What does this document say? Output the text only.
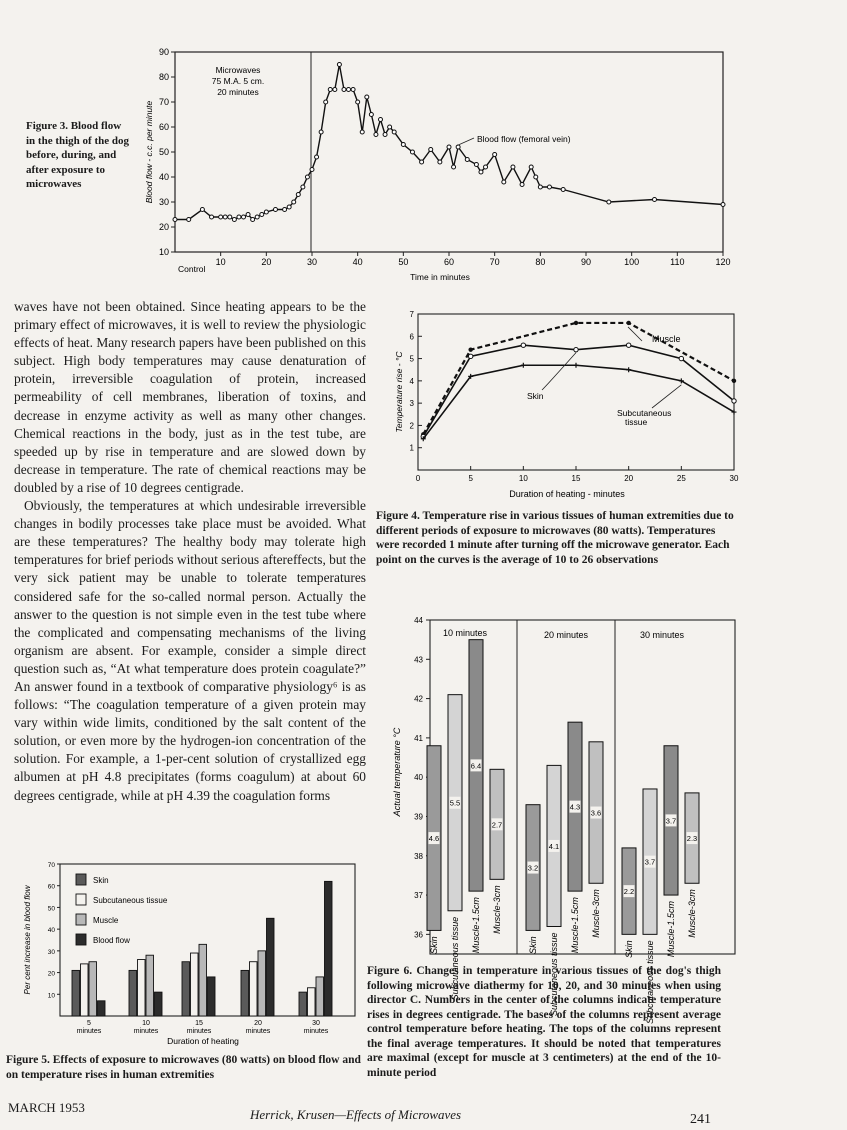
Figure 3. Blood flow in the thigh of the dog before, during, and after exposure to microwaves
10
20
30
40
50
60
70
80
90
10	20	30	40	50	60	70	80	90	100	110	120
Microwaves
75 M.A. 5 cm.
20 minutes
Blood flow (femoral vein)
Control
Time in minutes
Blood flow - c.c. per minute

waves have not been obtained. Since heating appears to be the primary effect of microwaves, it is well to review the physiologic effects of heat. Many research papers have been published on this subject. High body temperatures may cause denaturation of protein, irreversible coagulation of protein, increased permeability of cell membranes, liberation of toxins, and decrease in enzyme activity as well as many other changes. Chemical reactions in the body, just as in the test tube, are speeded up by rise in temperature and are slowed down by decrease in temperature. The rate of chemical reactions may be doubled by a rise of 10 degrees centigrade.

Obviously, the temperatures at which undesirable irreversible changes in bodily processes take place must be avoided. What are these temperatures? The healthy body may tolerate high temperatures for brief periods without serious aftereffects, but the very sick patient may be unable to tolerate temperatures considered safe for the so-called normal person. Actually the answer to the question is not simple even in the test tube where the complicated and compensating mechanisms of the living organism are absent. For example, consider a simple direct question such as, “At what temperature does protein coagulate?” An answer found in a textbook of comparative physiology⁶ is as follows: “The coagulation temperature of a given protein may vary within wide limits, conditioned by the salt content of the solution, or even more by the hydrogen-ion concentration of the solution. For example, a 1-per-cent solution of crystallized egg albumen at pH 4.8 precipitates (forms coagulum) at about 60 degrees centigrade, while at pH 4.39 the coagulation forms

1
2
3
4
5
6
7
0	5	10	15	20	25	30
Muscle
Skin
Subcutaneous
tissue
Duration of heating - minutes
Temperature rise - °C
Figure 4. Temperature rise in various tissues of human extremities due to different periods of exposure to microwaves (80 watts). Temperatures were recorded 1 minute after turning off the microwave generator. Each point on the curves is the average of 10 to 26 observations
10 minutes	20 minutes	30 minutes
36
37
38
39
40
41
42
43
44
4.6
Skin
5.5
Subcutaneous tissue
6.4
Muscle-1.5cm
2.7
Muscle-3cm
3.2
Skin
4.1
Subcutaneous tissue
4.3
Muscle-1.5cm
3.6
Muscle-3cm	2.2
Skin
3.7
Subcutaneous tissue
3.7
Muscle-1.5cm
2.3
Muscle-3cm
Actual temperature °C
Figure 6. Changes in temperature in various tissues of the dog's thigh following microwave diathermy for 10, 20, and 30 minutes when using director C. Numbers in the center of the columns indicate temperature rises in degrees centigrade. The bases of the columns represent average control temperature before heating. The tops of the columns represent the final average temperatures. It should be noted that temperatures are maximal (except for muscle at 3 centimeters) at the end of the 10-minute period
10
20
30
40
50
60
70
5
minutes
10
minutes
15
minutes
20
minutes
30
minutes
Skin
Subcutaneous tissue
Muscle
Blood flow
Duration of heating
Per cent increase in blood flow
Figure 5. Effects of exposure to microwaves (80 watts) on blood flow and on temperature rises in human extremities
MARCH 1953	Herrick, Krusen—Effects of Microwaves	241
